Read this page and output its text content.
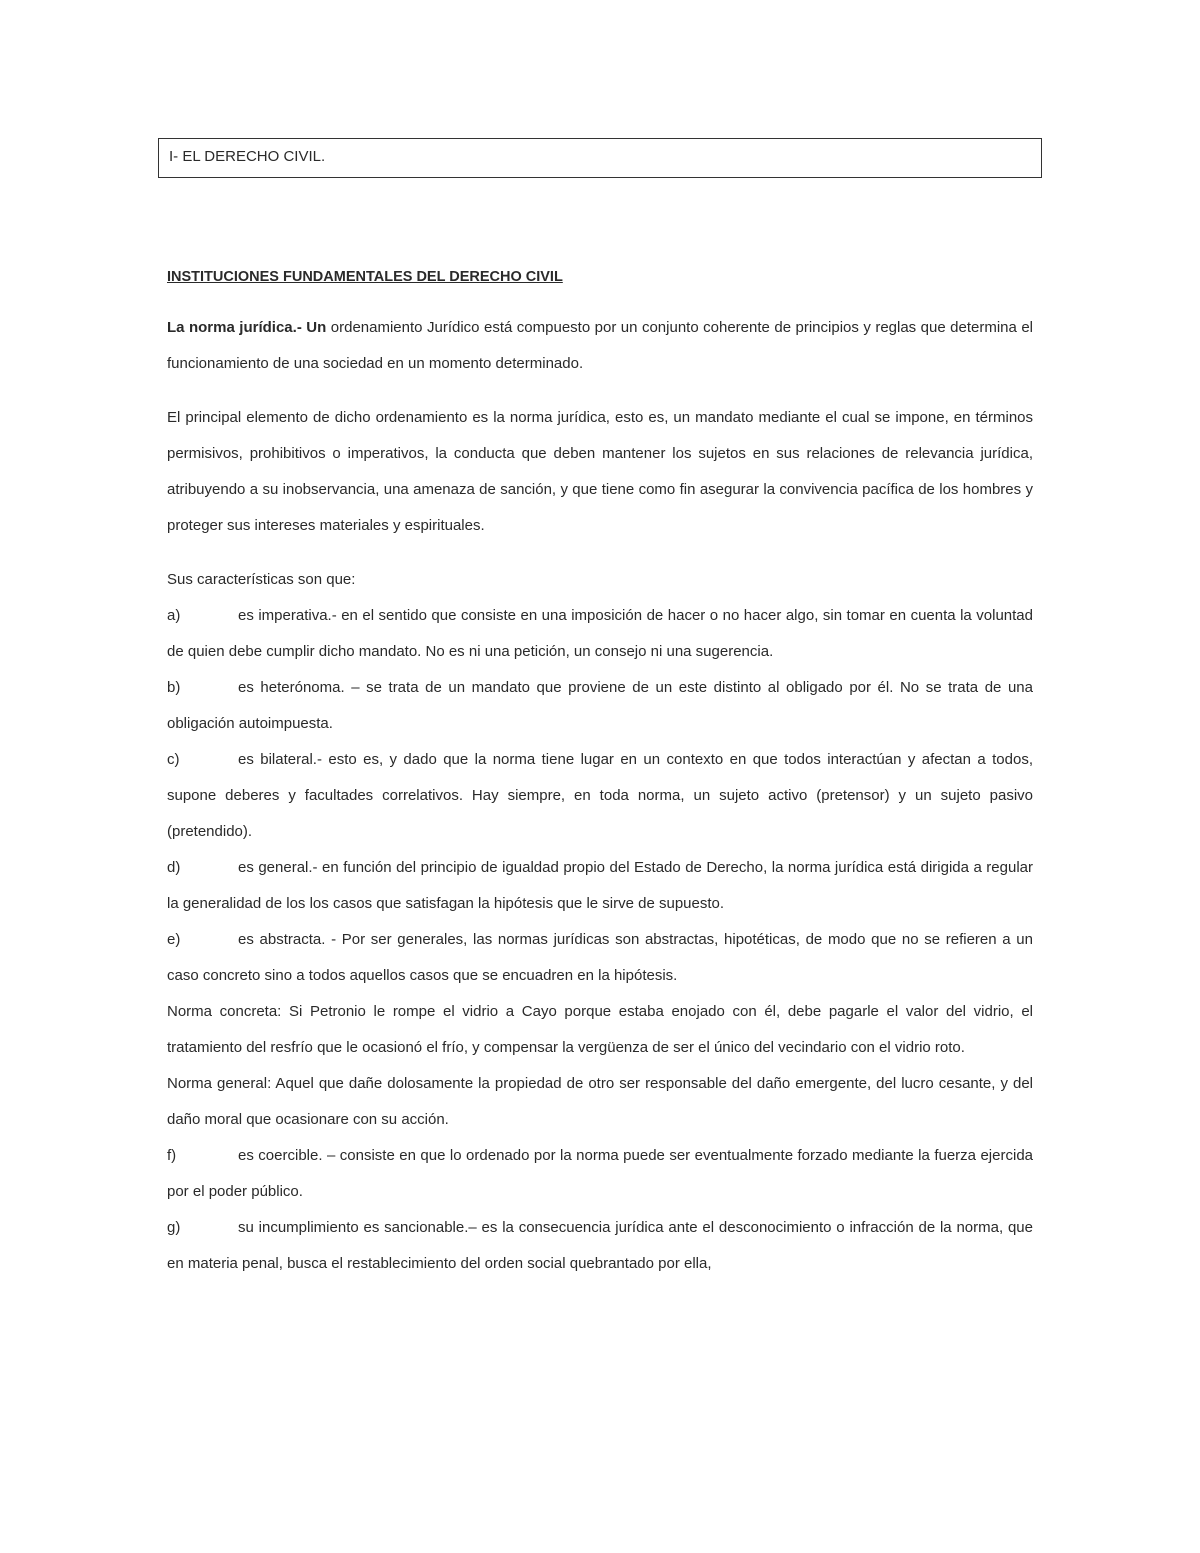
I- EL DERECHO CIVIL.
INSTITUCIONES FUNDAMENTALES DEL DERECHO CIVIL

La norma jurídica.- Un ordenamiento Jurídico está compuesto por un conjunto coherente de principios y reglas que determina el funcionamiento de una sociedad en un momento determinado.

El principal elemento de dicho ordenamiento es la norma jurídica, esto es, un mandato mediante el cual se impone, en términos permisivos, prohibitivos o imperativos, la conducta que deben mantener los sujetos en sus relaciones de relevancia jurídica, atribuyendo a su inobservancia, una amenaza de sanción, y que tiene como fin asegurar la convivencia pacífica de los hombres y proteger sus intereses materiales y espirituales.

Sus características son que:

a)	es imperativa.- en el sentido que consiste en una imposición de hacer o no hacer algo, sin tomar en cuenta la voluntad de quien debe cumplir dicho mandato. No es ni una petición, un consejo ni una sugerencia.
b)	es heterónoma. – se trata de un mandato que proviene de un este distinto al obligado por él. No se trata de una obligación autoimpuesta.
c)	es bilateral.- esto es, y dado que la norma tiene lugar en un contexto en que todos interactúan y afectan a todos, supone deberes y facultades correlativos. Hay siempre, en toda norma, un sujeto activo (pretensor) y un sujeto pasivo (pretendido).
d)	es general.- en función del principio de igualdad propio del Estado de Derecho, la norma jurídica está dirigida a regular la generalidad de los los casos que satisfagan la hipótesis que le sirve de supuesto.
e)	es abstracta. - Por ser generales, las normas jurídicas son abstractas, hipotéticas, de modo que no se refieren a un caso concreto sino a todos aquellos casos que se encuadren en la hipótesis.

Norma concreta: Si Petronio le rompe el vidrio a Cayo porque estaba enojado con él, debe pagarle el valor del vidrio, el tratamiento del resfrío que le ocasionó el frío, y compensar la vergüenza de ser el único del vecindario con el vidrio roto.

Norma general: Aquel que dañe dolosamente la propiedad de otro ser responsable del daño emergente, del lucro cesante, y del daño moral que ocasionare con su acción.

f)	es coercible. – consiste en que lo ordenado por la norma puede ser eventualmente forzado mediante la fuerza ejercida por el poder público.
g)	su incumplimiento es sancionable.– es la consecuencia jurídica ante el desconocimiento o infracción de la norma, que en materia penal, busca el restablecimiento del orden social quebrantado por ella,
